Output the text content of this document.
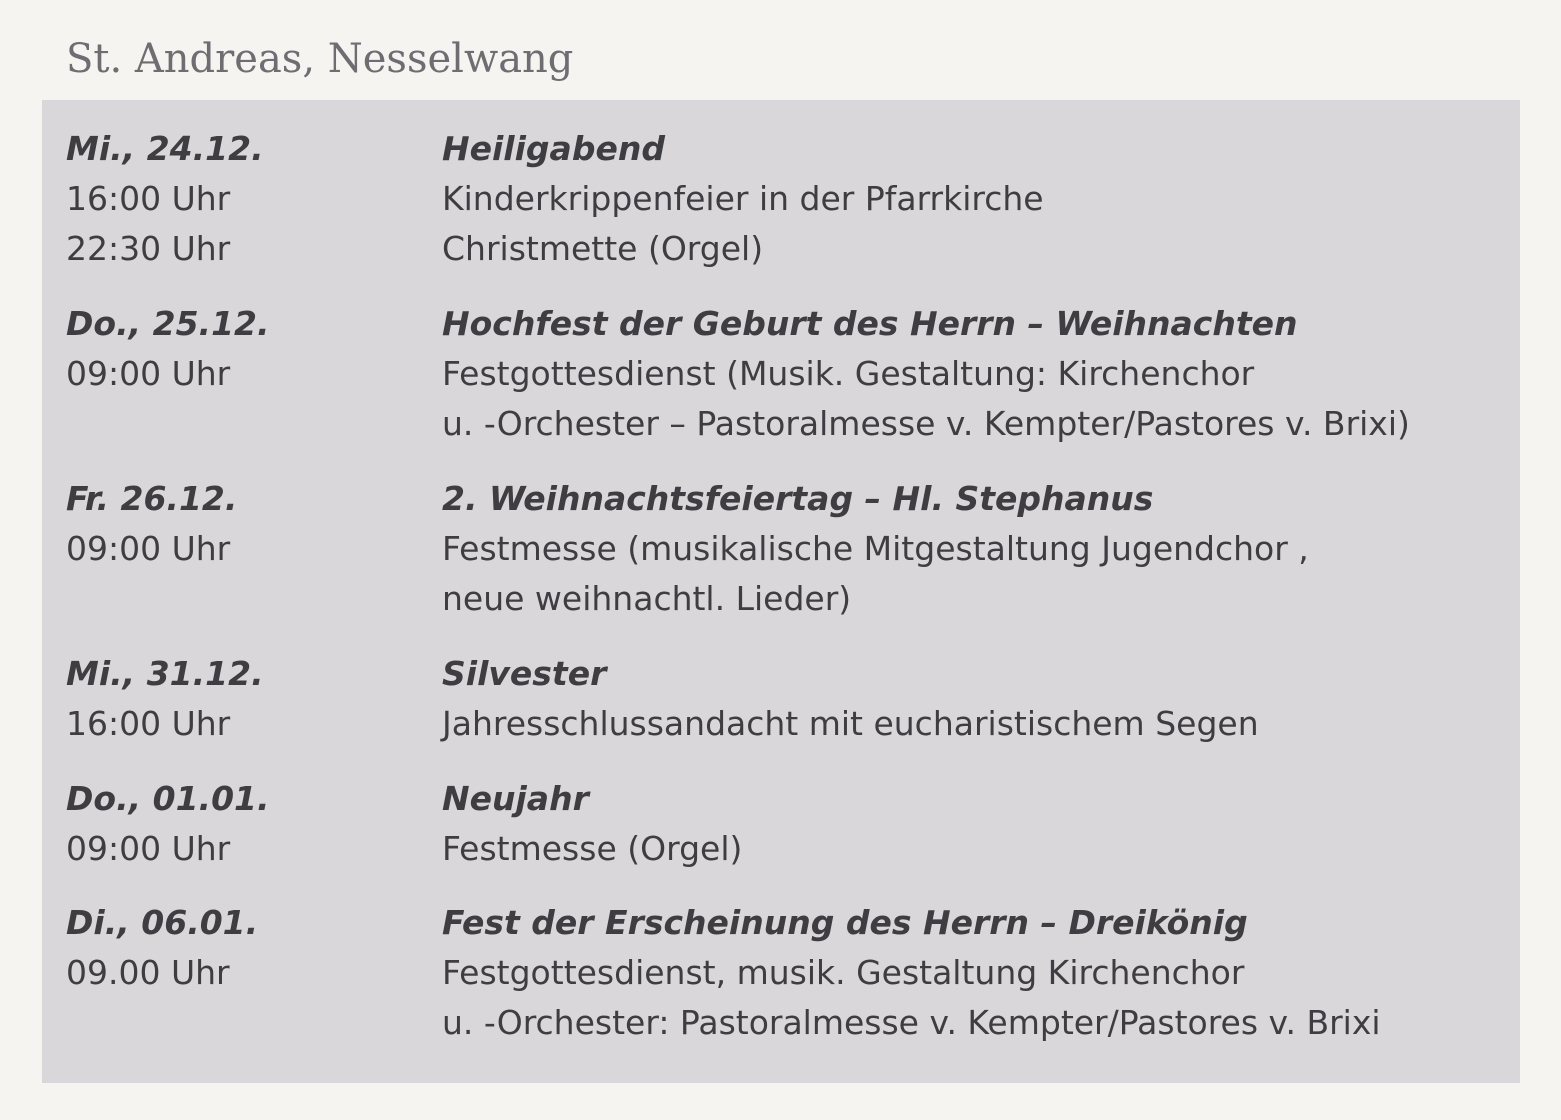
St. Andreas, Nesselwang
Mi., 24.12.	Heiligabend
16:00 Uhr	Kinderkrippenfeier in der Pfarrkirche
22:30 Uhr	Christmette (Orgel)
Do., 25.12.	Hochfest der Geburt des Herrn – Weihnachten
09:00 Uhr	Festgottesdienst (Musik. Gestaltung: Kirchenchor
u. -Orchester – Pastoralmesse v. Kempter/Pastores v. Brixi)
Fr. 26.12.	2. Weihnachtsfeiertag – Hl. Stephanus
09:00 Uhr	Festmesse (musikalische Mitgestaltung Jugendchor ,
neue weihnachtl. Lieder)
Mi., 31.12.	Silvester
16:00 Uhr	Jahresschlussandacht mit eucharistischem Segen
Do., 01.01.	Neujahr
09:00 Uhr	Festmesse (Orgel)
Di., 06.01.	Fest der Erscheinung des Herrn – Dreikönig
09.00 Uhr	Festgottesdienst, musik. Gestaltung Kirchenchor
u. -Orchester: Pastoralmesse v. Kempter/Pastores v. Brixi
